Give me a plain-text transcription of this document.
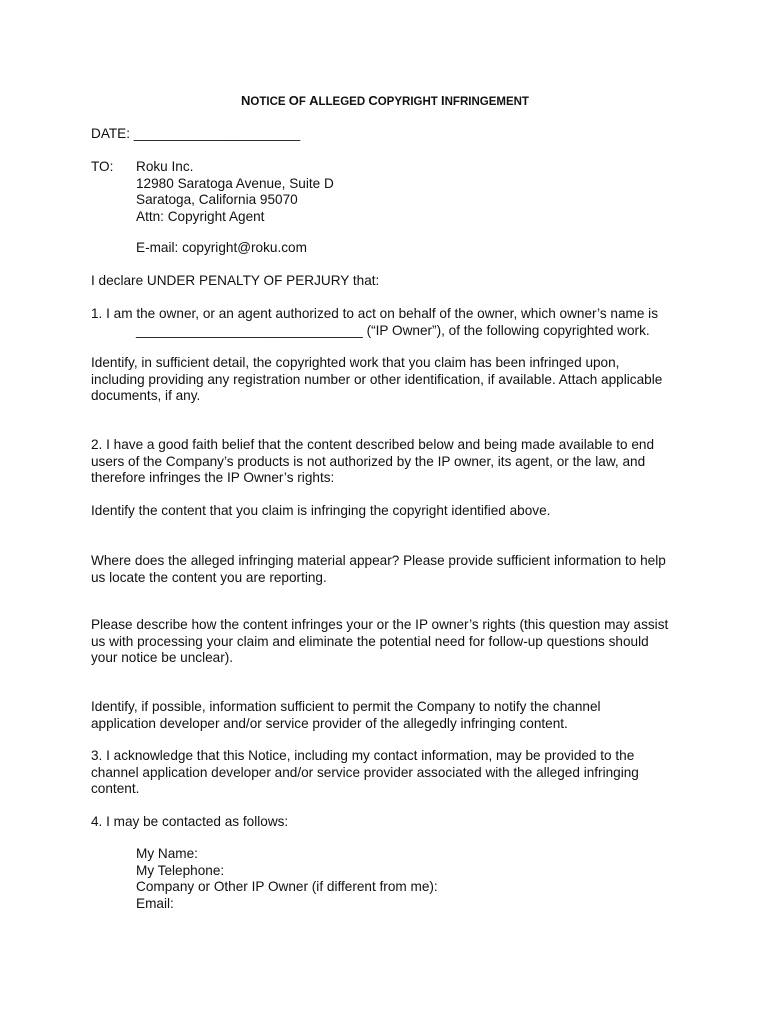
NOTICE OF ALLEGED COPYRIGHT INFRINGEMENT

DATE: ______________________

TO: Roku Inc.
12980 Saratoga Avenue, Suite D
Saratoga, California 95070
Attn: Copyright Agent

E-mail: copyright@roku.com

I declare UNDER PENALTY OF PERJURY that:

1. I am the owner, or an agent authorized to act on behalf of the owner, which owner’s name is
______________________________ (“IP Owner”), of the following copyrighted work.
Identify, in sufficient detail, the copyrighted work that you claim has been infringed upon,
including providing any registration number or other identification, if available. Attach applicable
documents, if any.
2. I have a good faith belief that the content described below and being made available to end
users of the Company’s products is not authorized by the IP owner, its agent, or the law, and
therefore infringes the IP Owner’s rights:

Identify the content that you claim is infringing the copyright identified above.

Where does the alleged infringing material appear? Please provide sufficient information to help
us locate the content you are reporting.
Please describe how the content infringes your or the IP owner’s rights (this question may assist
us with processing your claim and eliminate the potential need for follow-up questions should
your notice be unclear).
Identify, if possible, information sufficient to permit the Company to notify the channel
application developer and/or service provider of the allegedly infringing content.
3. I acknowledge that this Notice, including my contact information, may be provided to the
channel application developer and/or service provider associated with the alleged infringing
content.

4. I may be contacted as follows:

My Name:
My Telephone:
Company or Other IP Owner (if different from me):
Email:
